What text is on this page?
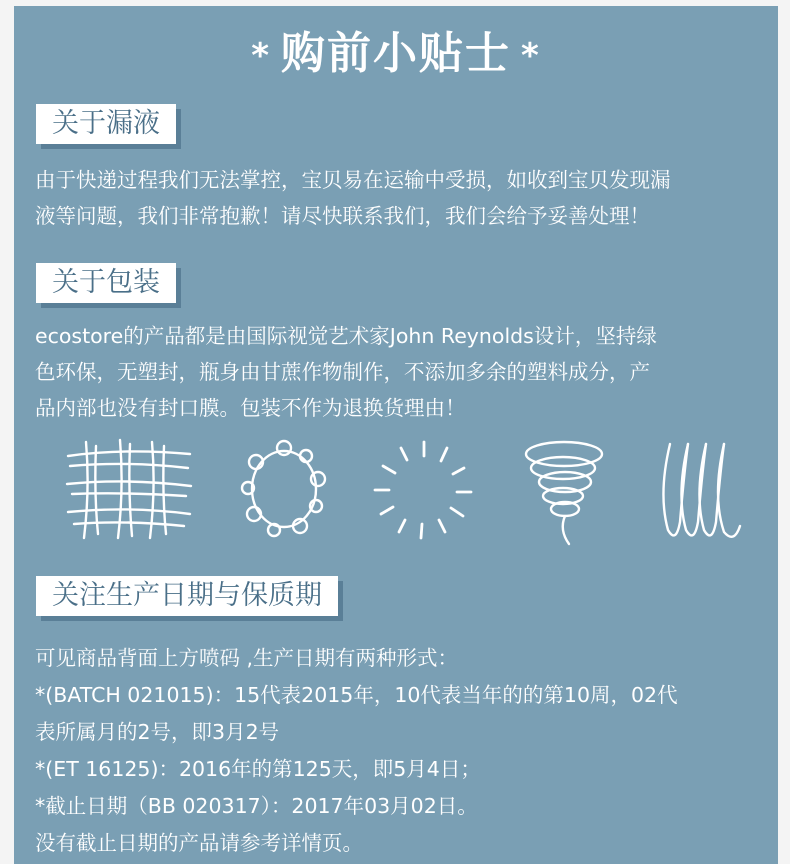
* 购前小贴士 *
关于漏液
由于快递过程我们无法掌控，宝贝易在运输中受损，如收到宝贝发现漏
液等问题，我们非常抱歉！请尽快联系我们，我们会给予妥善处理！
关于包装
ecostore的产品都是由国际视觉艺术家John Reynolds设计，坚持绿
色环保，无塑封，瓶身由甘蔗作物制作，不添加多余的塑料成分，产
品内部也没有封口膜。包装不作为退换货理由！
关注生产日期与保质期
可见商品背面上方喷码 ,生产日期有两种形式：
*(BATCH 021015)：15代表2015年，10代表当年的的第10周，02代
表所属月的2号，即3月2号
*(ET 16125)：2016年的第125天，即5月4日；
*截止日期（BB 020317）：2017年03月02日。
没有截止日期的产品请参考详情页。
